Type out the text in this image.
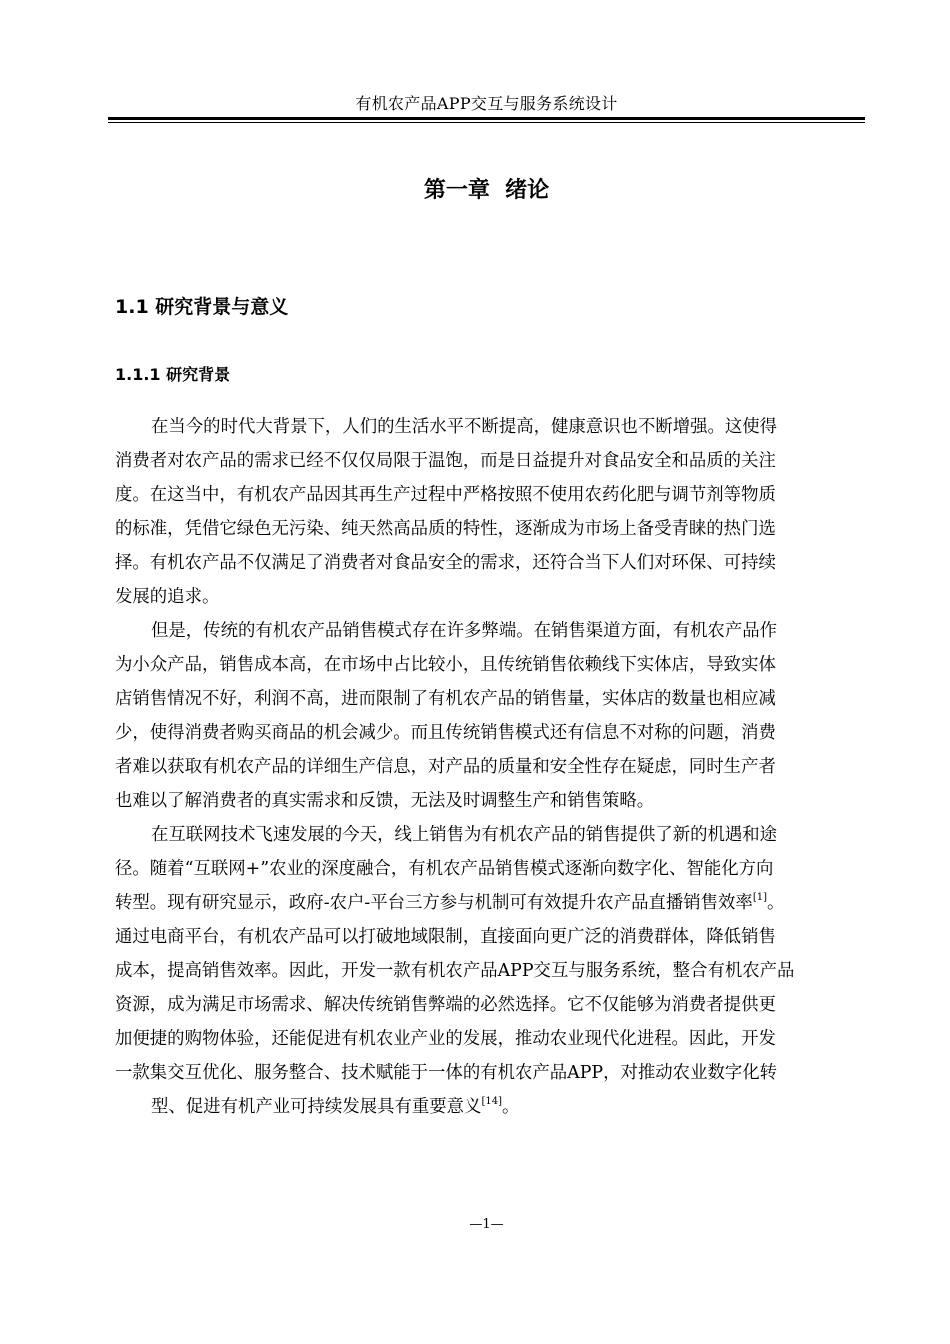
有机农产品APP交互与服务系统设计
第一章  绪论
1.1 研究背景与意义
1.1.1 研究背景
在当今的时代大背景下，人们的生活水平不断提高，健康意识也不断增强。这使得
消费者对农产品的需求已经不仅仅局限于温饱，而是日益提升对食品安全和品质的关注
度。在这当中，有机农产品因其再生产过程中严格按照不使用农药化肥与调节剂等物质
的标准，凭借它绿色无污染、纯天然高品质的特性，逐渐成为市场上备受青睐的热门选
择。有机农产品不仅满足了消费者对食品安全的需求，还符合当下人们对环保、可持续
发展的追求。
但是，传统的有机农产品销售模式存在许多弊端。在销售渠道方面，有机农产品作
为小众产品，销售成本高，在市场中占比较小，且传统销售依赖线下实体店，导致实体
店销售情况不好，利润不高，进而限制了有机农产品的销售量，实体店的数量也相应减
少，使得消费者购买商品的机会减少。而且传统销售模式还有信息不对称的问题，消费
者难以获取有机农产品的详细生产信息，对产品的质量和安全性存在疑虑，同时生产者
也难以了解消费者的真实需求和反馈，无法及时调整生产和销售策略。
在互联网技术飞速发展的今天，线上销售为有机农产品的销售提供了新的机遇和途
径。随着“互联网+”农业的深度融合，有机农产品销售模式逐渐向数字化、智能化方向
转型。现有研究显示，政府-农户-平台三方参与机制可有效提升农产品直播销售效率[1]。
通过电商平台，有机农产品可以打破地域限制，直接面向更广泛的消费群体，降低销售
成本，提高销售效率。因此，开发一款有机农产品APP交互与服务系统，整合有机农产品
资源，成为满足市场需求、解决传统销售弊端的必然选择。它不仅能够为消费者提供更
加便捷的购物体验，还能促进有机农业产业的发展，推动农业现代化进程。因此，开发
一款集交互优化、服务整合、技术赋能于一体的有机农产品APP，对推动农业数字化转
型、促进有机产业可持续发展具有重要意义[14]。
—1—
